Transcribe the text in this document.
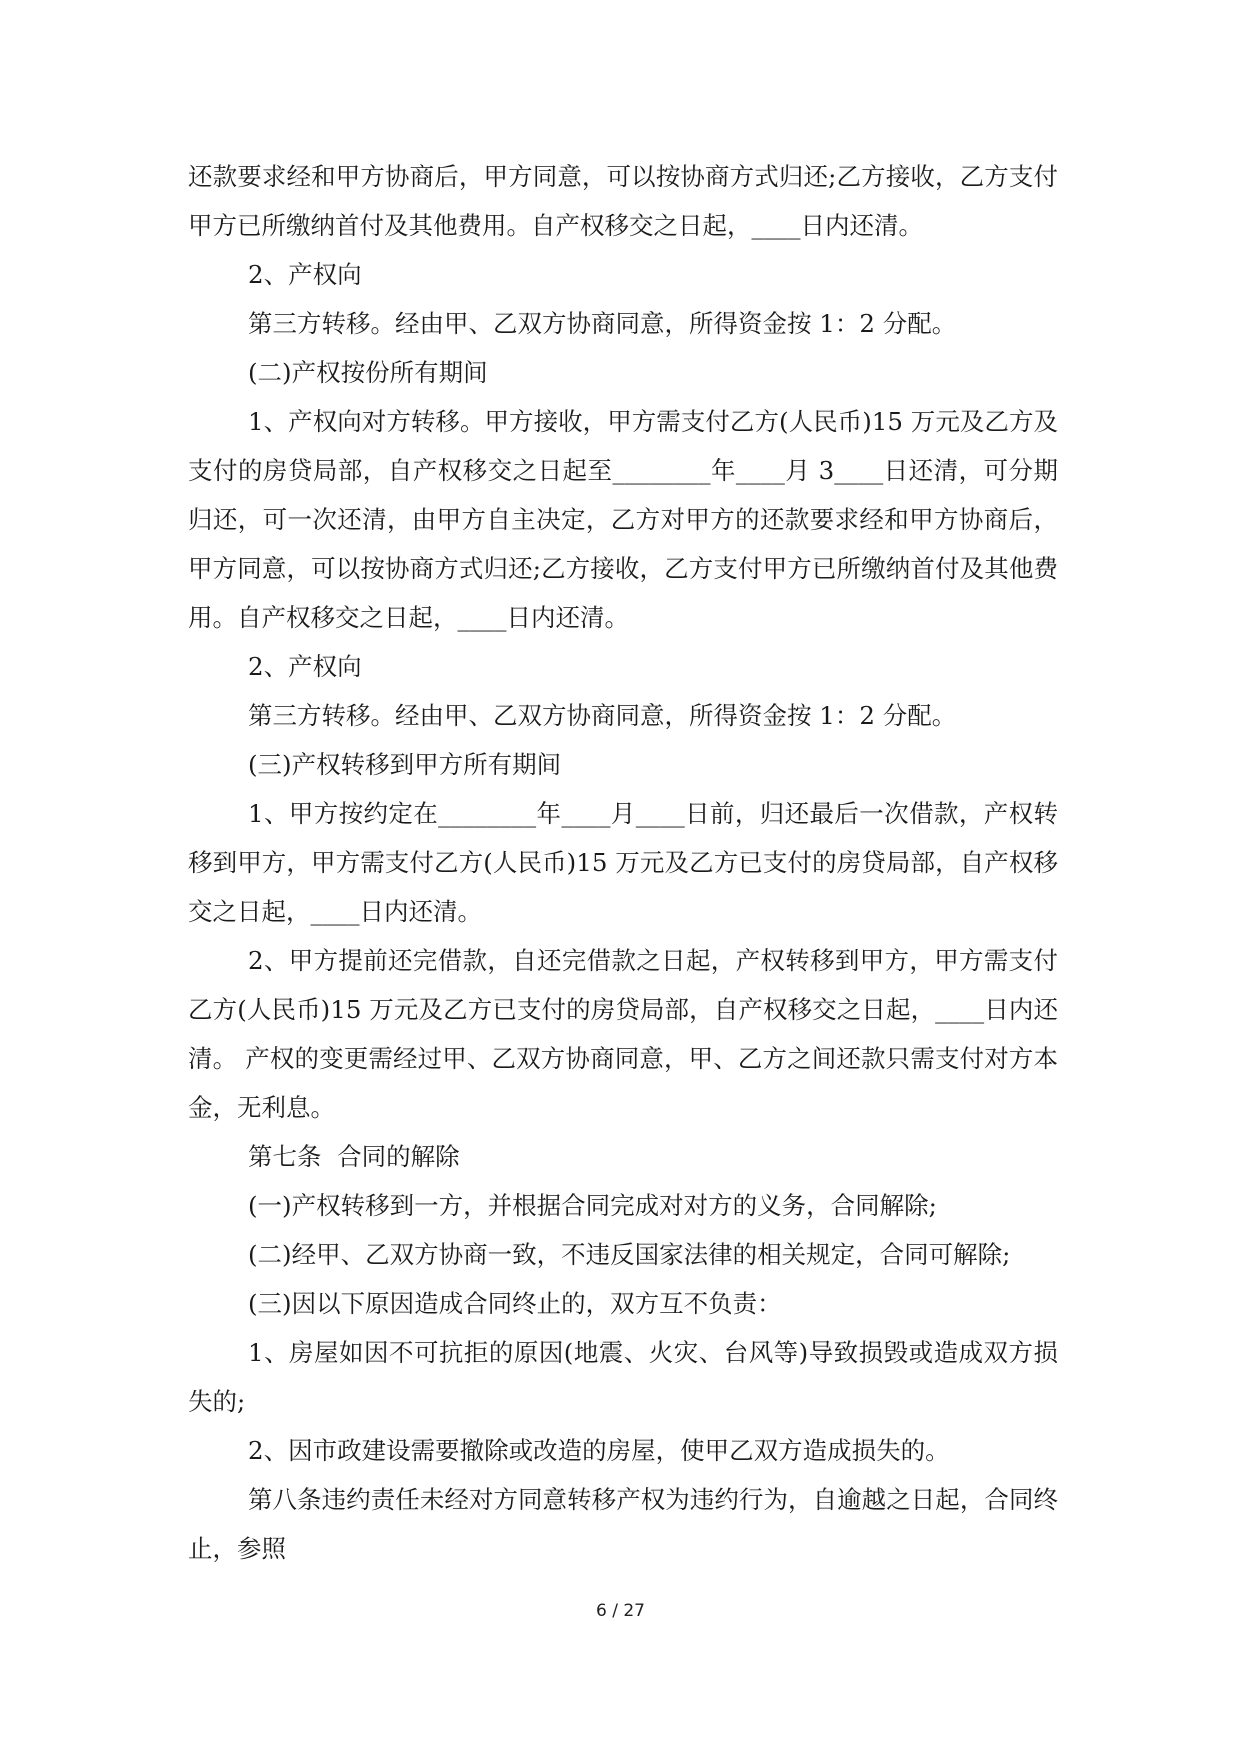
还款要求经和甲方协商后，甲方同意，可以按协商方式归还;乙方接收，乙方支付甲方已所缴纳首付及其他费用。自产权移交之日起，____日内还清。

2、产权向

第三方转移。经由甲、乙双方协商同意，所得资金按 1：2 分配。

(二)产权按份所有期间

1、产权向对方转移。甲方接收，甲方需支付乙方(人民币)15 万元及乙方及支付的房贷局部，自产权移交之日起至________年____月 3____日还清，可分期归还，可一次还清，由甲方自主决定，乙方对甲方的还款要求经和甲方协商后，甲方同意，可以按协商方式归还;乙方接收，乙方支付甲方已所缴纳首付及其他费用。自产权移交之日起，____日内还清。

2、产权向

第三方转移。经由甲、乙双方协商同意，所得资金按 1：2 分配。

(三)产权转移到甲方所有期间

1、甲方按约定在________年____月____日前，归还最后一次借款，产权转移到甲方，甲方需支付乙方(人民币)15 万元及乙方已支付的房贷局部，自产权移交之日起，____日内还清。

2、甲方提前还完借款，自还完借款之日起，产权转移到甲方，甲方需支付乙方(人民币)15 万元及乙方已支付的房贷局部，自产权移交之日起，____日内还清。 产权的变更需经过甲、乙双方协商同意，甲、乙方之间还款只需支付对方本金，无利息。

第七条  合同的解除

(一)产权转移到一方，并根据合同完成对对方的义务，合同解除;

(二)经甲、乙双方协商一致，不违反国家法律的相关规定，合同可解除;

(三)因以下原因造成合同终止的，双方互不负责：

1、房屋如因不可抗拒的原因(地震、火灾、台风等)导致损毁或造成双方损失的;

2、因市政建设需要撤除或改造的房屋，使甲乙双方造成损失的。

第八条违约责任未经对方同意转移产权为违约行为，自逾越之日起，合同终止，参照

6 / 27
